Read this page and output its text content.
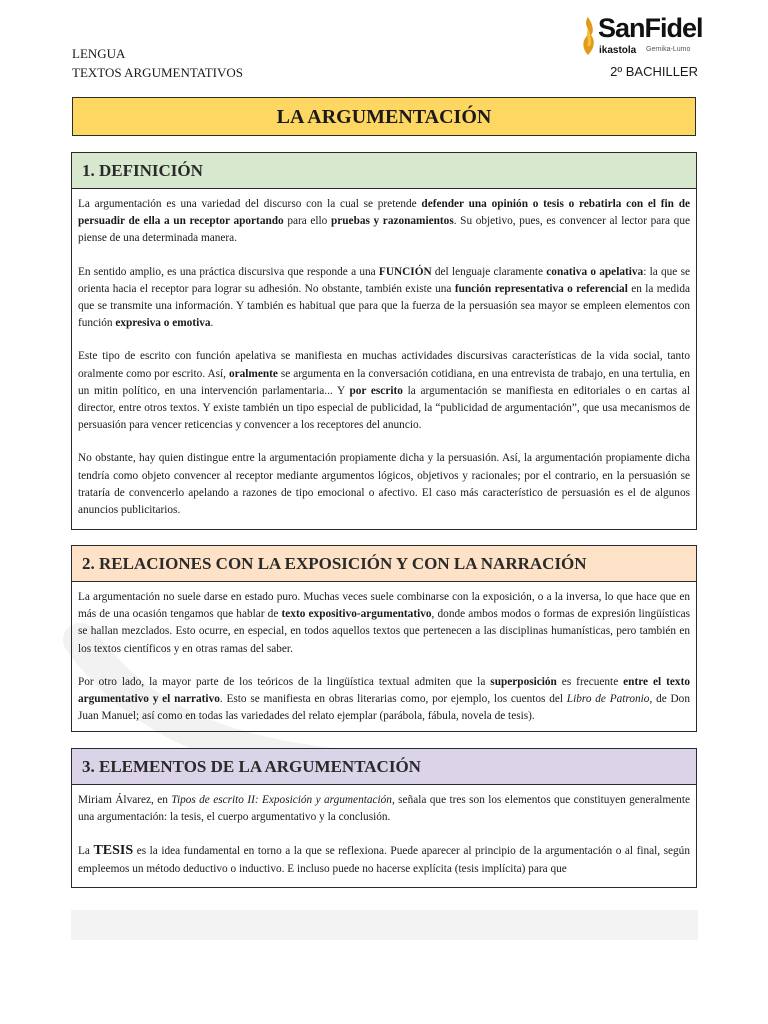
LENGUA
TEXTOS ARGUMENTATIVOS
SanFidel
ikastola Gernika-Lumo
2º BACHILLER
LA ARGUMENTACIÓN
1. DEFINICIÓN

La argumentación es una variedad del discurso con la cual se pretende defender una opinión o tesis o rebatirla con el fin de persuadir de ella a un receptor aportando para ello pruebas y razonamientos. Su objetivo, pues, es convencer al lector para que piense de una determinada manera.

En sentido amplio, es una práctica discursiva que responde a una FUNCIÓN del lenguaje claramente conativa o apelativa: la que se orienta hacia el receptor para lograr su adhesión. No obstante, también existe una función representativa o referencial en la medida que se transmite una información. Y también es habitual que para que la fuerza de la persuasión sea mayor se empleen elementos con función expresiva o emotiva.

Este tipo de escrito con función apelativa se manifiesta en muchas actividades discursivas características de la vida social, tanto oralmente como por escrito. Así, oralmente se argumenta en la conversación cotidiana, en una entrevista de trabajo, en una tertulia, en un mitin político, en una intervención parlamentaria... Y por escrito la argumentación se manifiesta en editoriales o en cartas al director, entre otros textos. Y existe también un tipo especial de publicidad, la “publicidad de argumentación”, que usa mecanismos de persuasión para vencer reticencias y convencer a los receptores del anuncio.

No obstante, hay quien distingue entre la argumentación propiamente dicha y la persuasión. Así, la argumentación propiamente dicha tendría como objeto convencer al receptor mediante argumentos lógicos, objetivos y racionales; por el contrario, en la persuasión se trataría de convencerlo apelando a razones de tipo emocional o afectivo. El caso más característico de persuasión es el de algunos anuncios publicitarios.

2. RELACIONES CON LA EXPOSICIÓN Y CON LA NARRACIÓN

La argumentación no suele darse en estado puro. Muchas veces suele combinarse con la exposición, o a la inversa, lo que hace que en más de una ocasión tengamos que hablar de texto expositivo-argumentativo, donde ambos modos o formas de expresión lingüísticas se hallan mezclados. Esto ocurre, en especial, en todos aquellos textos que pertenecen a las disciplinas humanísticas, pero también en los textos científicos y en otras ramas del saber.

Por otro lado, la mayor parte de los teóricos de la lingüística textual admiten que la superposición es frecuente entre el texto argumentativo y el narrativo. Esto se manifiesta en obras literarias como, por ejemplo, los cuentos del Libro de Patronio, de Don Juan Manuel; así como en todas las variedades del relato ejemplar (parábola, fábula, novela de tesis).

3. ELEMENTOS DE LA ARGUMENTACIÓN

Miriam Álvarez, en Tipos de escrito II: Exposición y argumentación, señala que tres son los elementos que constituyen generalmente una argumentación: la tesis, el cuerpo argumentativo y la conclusión.

La TESIS es la idea fundamental en torno a la que se reflexiona. Puede aparecer al principio de la argumentación o al final, según empleemos un método deductivo o inductivo. E incluso puede no hacerse explícita (tesis implícita) para que
